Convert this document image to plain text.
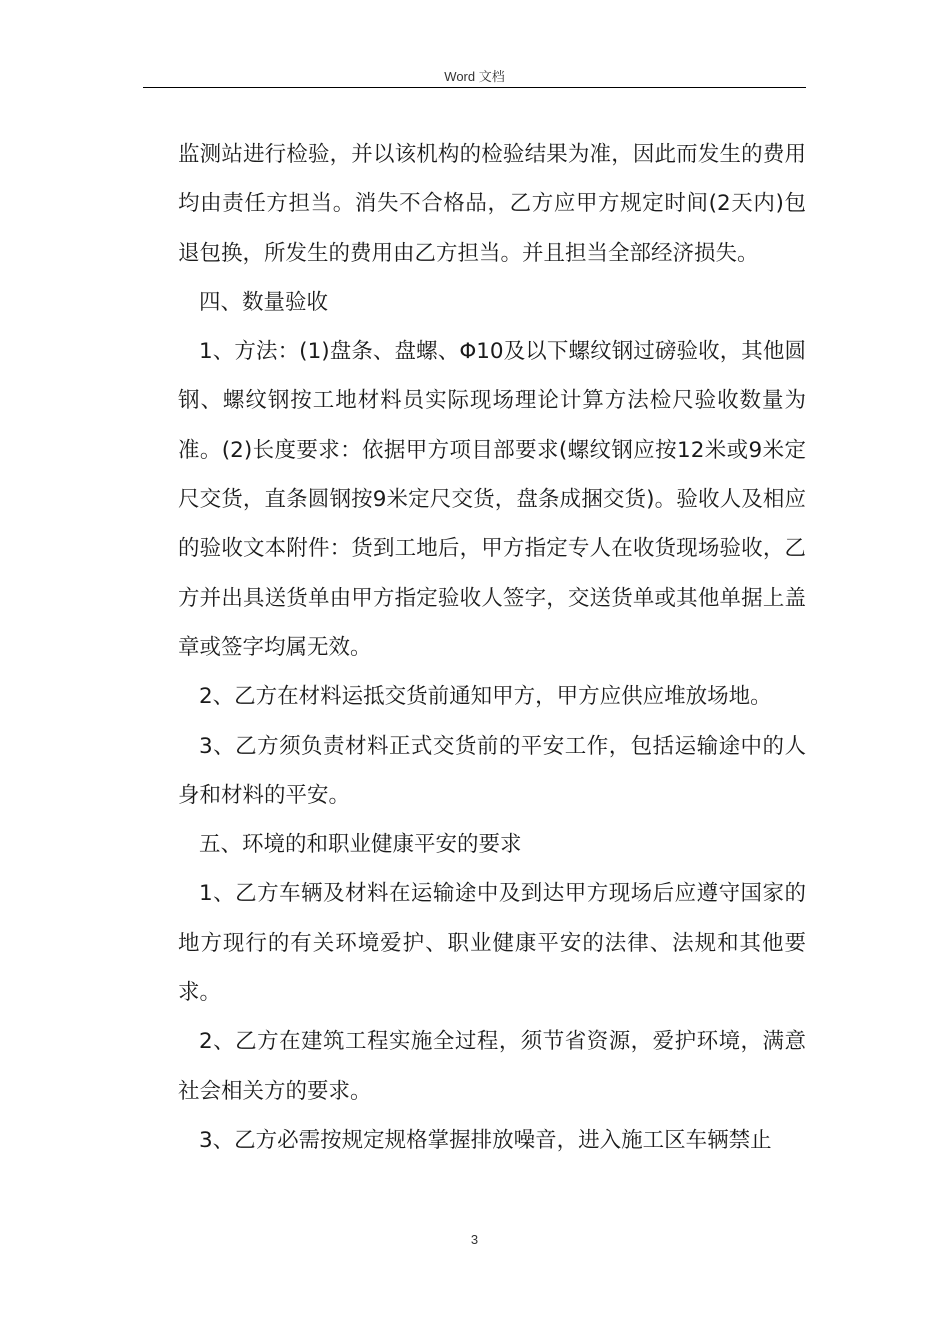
Word 文档

监测站进行检验，并以该机构的检验结果为准，因此而发生的费用均由责任方担当。消失不合格品，乙方应甲方规定时间(2天内)包退包换，所发生的费用由乙方担当。并且担当全部经济损失。

四、数量验收

1、方法：(1)盘条、盘螺、Φ10及以下螺纹钢过磅验收，其他圆钢、螺纹钢按工地材料员实际现场理论计算方法检尺验收数量为准。(2)长度要求：依据甲方项目部要求(螺纹钢应按12米或9米定尺交货，直条圆钢按9米定尺交货，盘条成捆交货)。验收人及相应的验收文本附件：货到工地后，甲方指定专人在收货现场验收，乙方并出具送货单由甲方指定验收人签字，交送货单或其他单据上盖章或签字均属无效。

2、乙方在材料运抵交货前通知甲方，甲方应供应堆放场地。

3、乙方须负责材料正式交货前的平安工作，包括运输途中的人身和材料的平安。

五、环境的和职业健康平安的要求

1、乙方车辆及材料在运输途中及到达甲方现场后应遵守国家的地方现行的有关环境爱护、职业健康平安的法律、法规和其他要求。

2、乙方在建筑工程实施全过程，须节省资源，爱护环境，满意社会相关方的要求。

3、乙方必需按规定规格掌握排放噪音，进入施工区车辆禁止

3
